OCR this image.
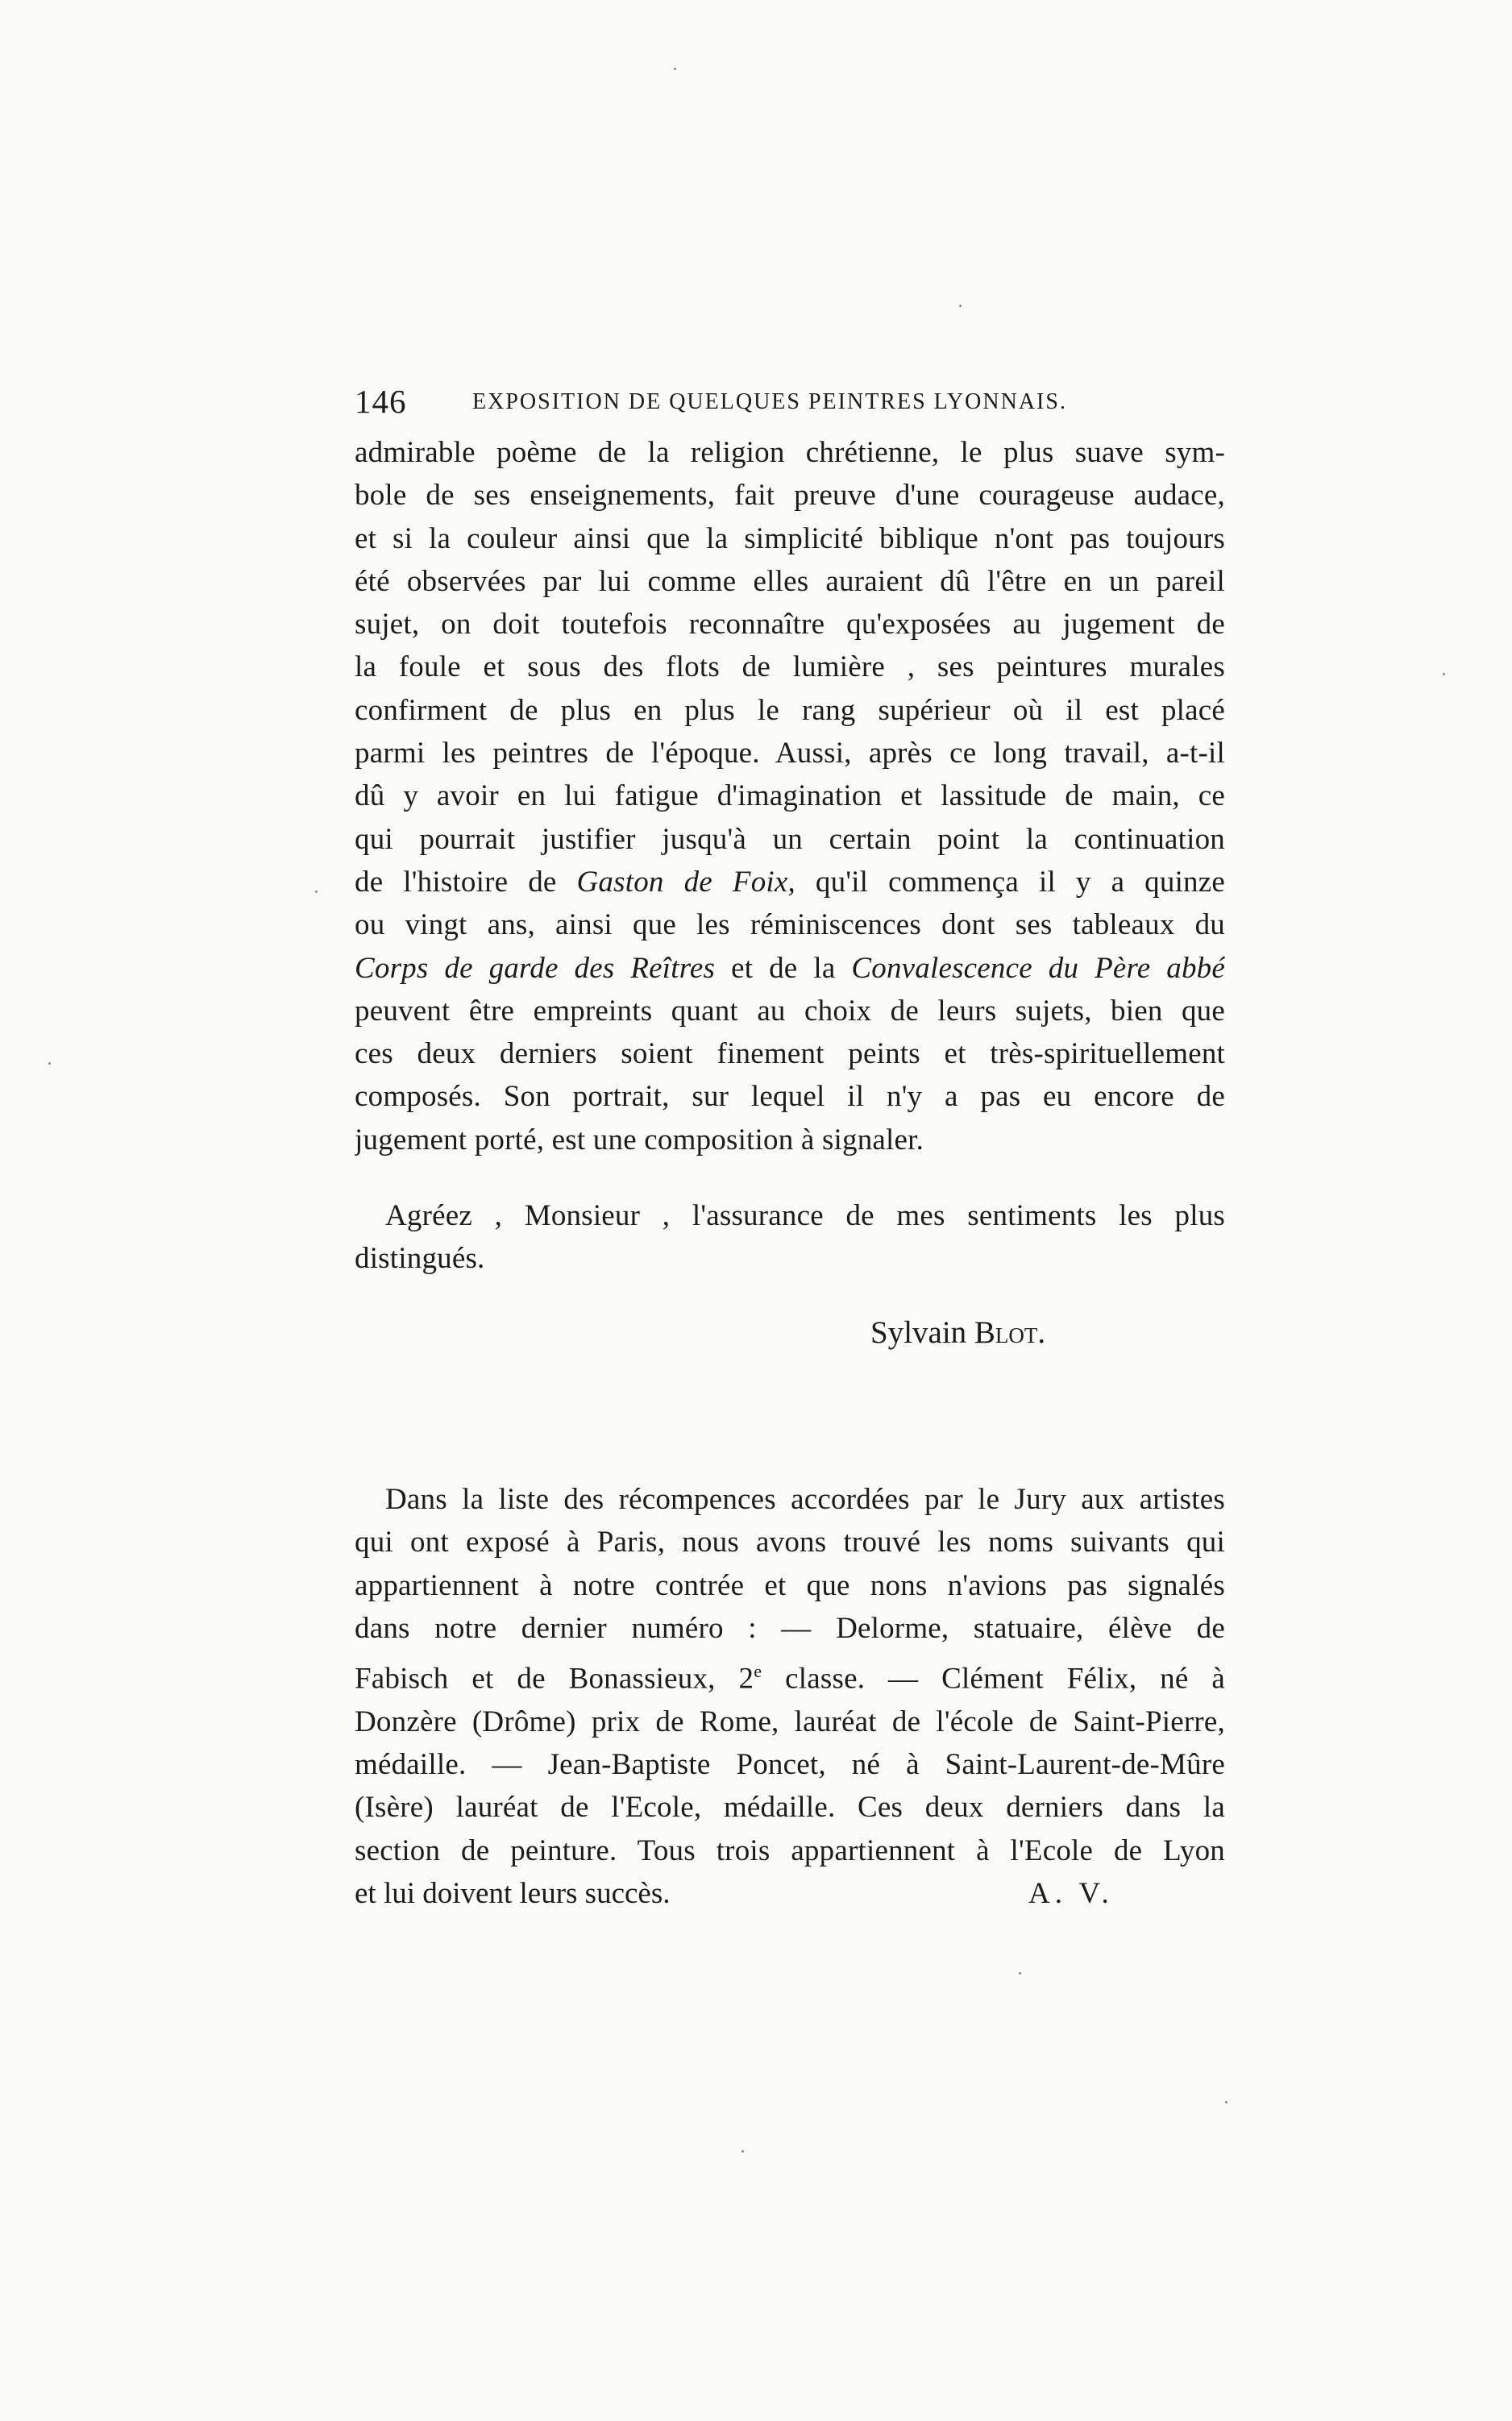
146	EXPOSITION DE QUELQUES PEINTRES LYONNAIS.
admirable poème de la religion chrétienne, le plus suave sym-
bole de ses enseignements, fait preuve d'une courageuse audace,
et si la couleur ainsi que la simplicité biblique n'ont pas toujours
été observées par lui comme elles auraient dû l'être en un pareil
sujet, on doit toutefois reconnaître qu'exposées au jugement de
la foule et sous des flots de lumière , ses peintures murales
confirment de plus en plus le rang supérieur où il est placé
parmi les peintres de l'époque. Aussi, après ce long travail, a-t-il
dû y avoir en lui fatigue d'imagination et lassitude de main, ce
qui pourrait justifier jusqu'à un certain point la continuation
de l'histoire de Gaston de Foix, qu'il commença il y a quinze
ou vingt ans, ainsi que les réminiscences dont ses tableaux du
Corps de garde des Reîtres et de la Convalescence du Père abbé
peuvent être empreints quant au choix de leurs sujets, bien que
ces deux derniers soient finement peints et très-spirituellement
composés. Son portrait, sur lequel il n'y a pas eu encore de
jugement porté, est une composition à signaler.
Agréez , Monsieur , l'assurance de mes sentiments les plus
distingués.
Sylvain Blot.
Dans la liste des récompences accordées par le Jury aux artistes
qui ont exposé à Paris, nous avons trouvé les noms suivants qui
appartiennent à notre contrée et que nons n'avions pas signalés
dans notre dernier numéro : — Delorme, statuaire, élève de
Fabisch et de Bonassieux, 2e classe. — Clément Félix, né à
Donzère (Drôme) prix de Rome, lauréat de l'école de Saint-Pierre,
médaille. — Jean-Baptiste Poncet, né à Saint-Laurent-de-Mûre
(Isère) lauréat de l'Ecole, médaille. Ces deux derniers dans la
section de peinture. Tous trois appartiennent à l'Ecole de Lyon
et lui doivent leurs succès.	A. V.
